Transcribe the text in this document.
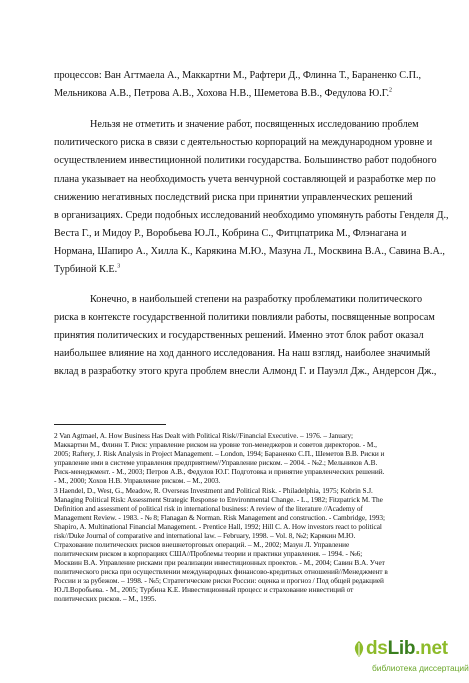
процессов: Ван Агтмаела А., Маккартни М., Рафтери Д., Флинна Т., Бараненко С.П.,
Мельникова А.В., Петрова А.В., Хохова Н.В., Шеметова В.В., Федулова Ю.Г.$^2$
Нельзя не отметить и значение работ, посвященных исследованию проблем
политического риска в связи с деятельностью корпораций на международном уровне и
осуществлением инвестиционной политики государства. Большинство работ подобного
плана указывает на необходимость учета венчурной составляющей и разработке мер по
снижению негативных последствий риска при принятии управленческих решений
в организациях. Среди подобных исследований необходимо упомянуть работы Генделя Д.,
Веста Г., и Мидоу Р., Воробьева Ю.Л., Кобрина С., Фитцпатрика М., Флэнагана и
Нормана, Шапиро А., Хилла К., Карякина М.Ю., Мазуна Л., Москвина В.А., Савина В.А.,
Турбиной К.Е.$^3$
Конечно, в наибольшей степени на разработку проблематики политического
риска в контексте государственной политики повлияли работы, посвященные вопросам
принятия политических и государственных решений. Именно этот блок работ оказал
наибольшее влияние на ход данного исследования. На наш взгляд, наиболее значимый
вклад в разработку этого круга проблем внесли Алмонд Г. и Пауэлл Дж., Андерсон Дж.,
2 Van Agtmael, A. How Business Has Dealt with Political Risk//Financial Executive. – 1976. – January;
Маккартни М., Флинн Т. Риск: управление риском на уровне топ-менеджеров и советов директоров. - М.,
2005; Raftery, J. Risk Analysis in Project Management. – London, 1994; Бараненко С.П., Шеметов В.В. Риски и
управление ими в системе управления предприятием//Управление риском. – 2004. - №2.; Мельников А.В.
Риск-менеджмент. - М., 2003; Петров А.В., Федулов Ю.Г. Подготовка и принятие управленческих решений.
- М., 2000; Хохов Н.В. Управление риском. – М., 2003.
3 Haendel, D., West, G., Meadow, R. Overseas Investment and Political Risk. - Philadelphia, 1975; Kobrin S.J.
Managing Political Risk: Assessment Strategic Response to Environmental Change. - L., 1982; Fitzpatrick M. The
Definition and assessment of political risk in international business: A review of the literature //Academy of
Management Review. - 1983. - № 8; Flanagan & Norman. Risk Management and construction. - Cambridge, 1993;
Shapiro, A. Multinational Financial Management. - Prentice Hall, 1992; Hill C. A. How investors react to political
risk//Duke Journal of comparative and international law. – February, 1998. – Vol. 8, №2; Карякин М.Ю.
Страхование политических рисков внешнеторговых операций. – М., 2002; Мазун Л. Управление
политическим риском в корпорациях США//Проблемы теории и практики управления. – 1994. - №6;
Москвин В.А. Управление рисками при реализации инвестиционных проектов. - М., 2004; Савин В.А. Учет
политического риска при осуществлении международных финансово-кредитных отношений//Менеджмент в
России и за рубежом. – 1998. - №5; Стратегические риски России: оценка и прогноз / Под общей редакцией
Ю.Л.Воробьева. - М., 2005; Турбина К.Е. Инвестиционный процесс и страхование инвестиций от
политических рисков. – М., 1995.
dsLib.net
библиотека диссертаций
